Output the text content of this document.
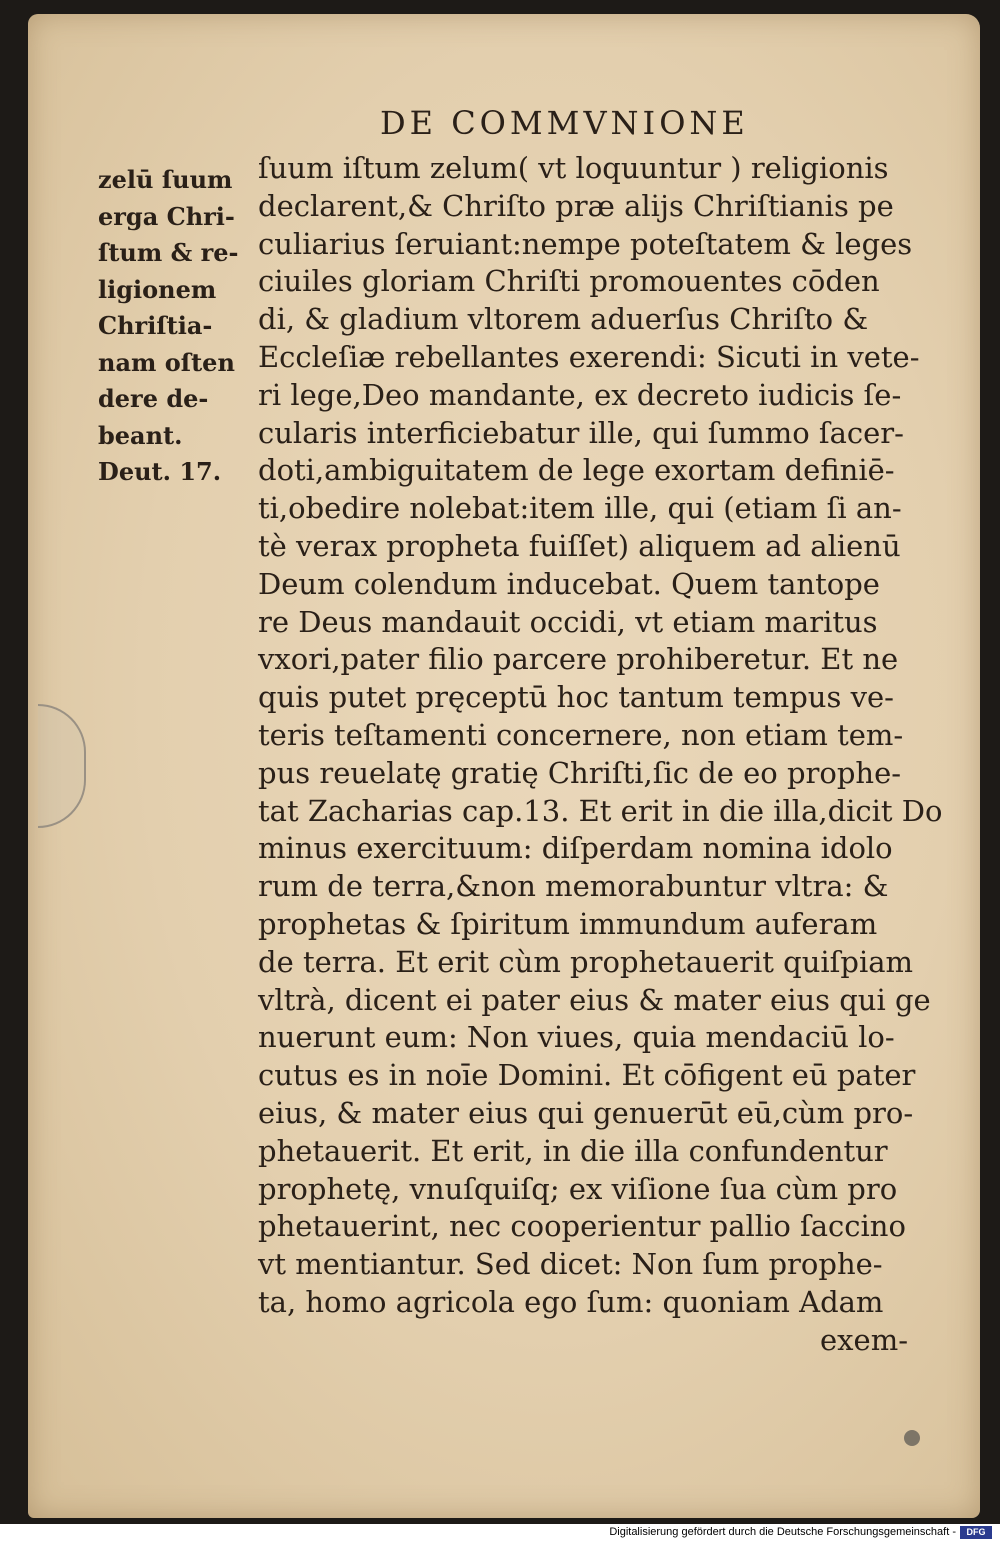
DE COMMVNIONE
zelū ſuum
erga Chri-
ſtum & re-
ligionem
Chriſtia-
nam oſten
dere de-
beant.
Deut. 17.
ſuum iſtum zelum( vt loquuntur ) religionis
declarent,& Chriſto præ alijs Chriſtianis pe
culiarius ſeruiant:nempe poteſtatem & leges
ciuiles gloriam Chriſti promouentes cōden
di, & gladium vltorem aduerſus Chriſto &
Eccleſiæ rebellantes exerendi: Sicuti in vete-
ri lege,Deo mandante, ex decreto iudicis ſe-
cularis interficiebatur ille, qui ſummo ſacer-
doti,ambiguitatem de lege exortam definiē-
ti,obedire nolebat:item ille, qui (etiam ſi an-
tè verax propheta fuiſſet) aliquem ad alienū
Deum colendum inducebat. Quem tantope
re Deus mandauit occidi, vt etiam maritus
vxori,pater filio parcere prohiberetur. Et ne
quis putet pręceptū hoc tantum tempus ve-
teris teſtamenti concernere, non etiam tem-
pus reuelatę gratię Chriſti,ſic de eo prophe-
tat Zacharias cap.13. Et erit in die illa,dicit Do
minus exercituum: diſperdam nomina idolo
rum de terra,&non memorabuntur vltra: &
prophetas & ſpiritum immundum auferam
de terra. Et erit cùm prophetauerit quiſpiam
vltrà, dicent ei pater eius & mater eius qui ge
nuerunt eum: Non viues, quia mendaciū lo-
cutus es in noīe Domini. Et cōfigent eū pater
eius, & mater eius qui genuerūt eū,cùm pro-
phetauerit. Et erit, in die illa confundentur
prophetę, vnuſquiſq; ex viſione ſua cùm pro
phetauerint, nec cooperientur pallio ſaccino
vt mentiantur. Sed dicet: Non ſum prophe-
ta, homo agricola ego ſum: quoniam Adam
exem-
Digitalisierung gefördert durch die Deutsche Forschungsgemeinschaft -	DFG
